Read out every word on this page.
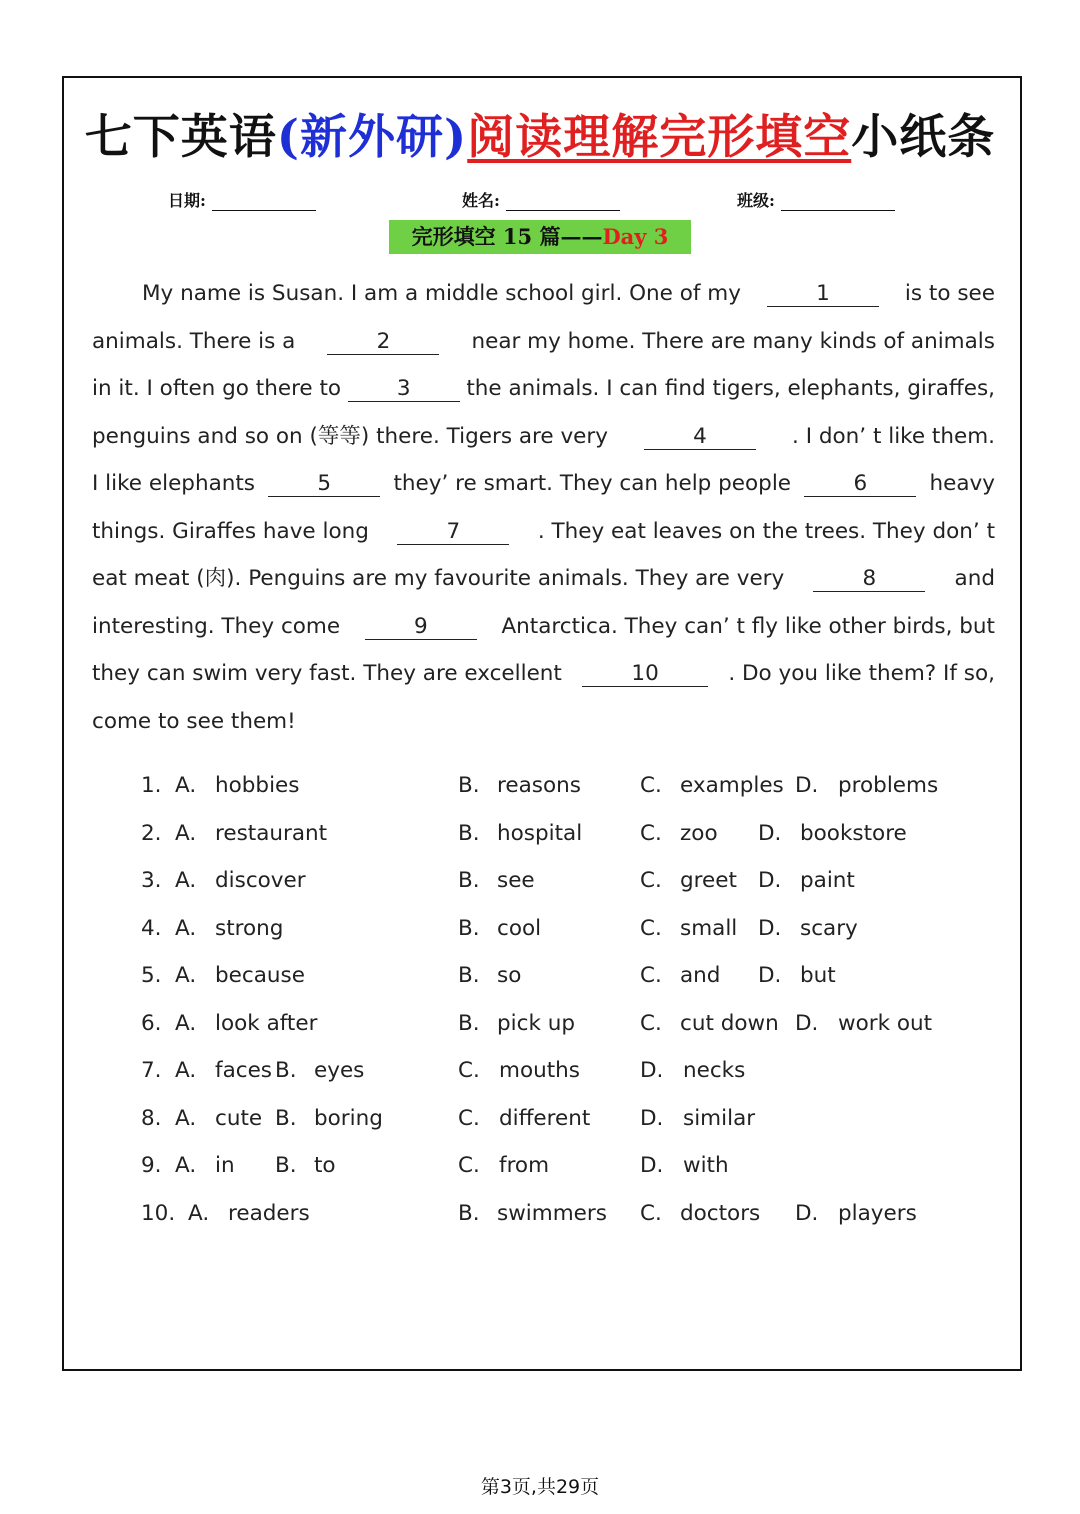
七下英语(新外研)阅读理解完形填空小纸条
日期:	姓名:	班级:
完形填空 15 篇——Day 3
My name is Susan. I am a middle school girl. One of my	1	is to see
animals. There is a	2	near my home. There are many kinds of animals
in it. I often go there to	3	the animals. I can find tigers, elephants, giraffes,
penguins and so on (等等) there. Tigers are very	4	. I don’ t like them.
I like elephants	5	they’ re smart. They can help people	6	heavy
things. Giraffes have long	7	. They eat leaves on the trees. They don’ t
eat meat (肉). Penguins are my favourite animals. They are very	8	and
interesting. They come	9	Antarctica. They can’ t fly like other birds, but
they can swim very fast. They are excellent	10	. Do you like them? If so,
come to see them!
1. A. hobbies	B. reasons	C. examples D. problems
2. A. restaurant	B. hospital	C. zoo D. bookstore
3. A. discover	B. see	C. greet D. paint
4. A. strong	B. cool	C. small D. scary
5. A. because	B. so	C. and D. but
6. A. look after	B. pick up	C. cut down D. work out
7. A. faces B. eyes	C. mouths	D. necks
8. A. cute B. boring	C. different D. similar
9. A. in B. to	C. from	D. with
10. A. readers	B. swimmers C. doctors D. players
第3页,共29页
